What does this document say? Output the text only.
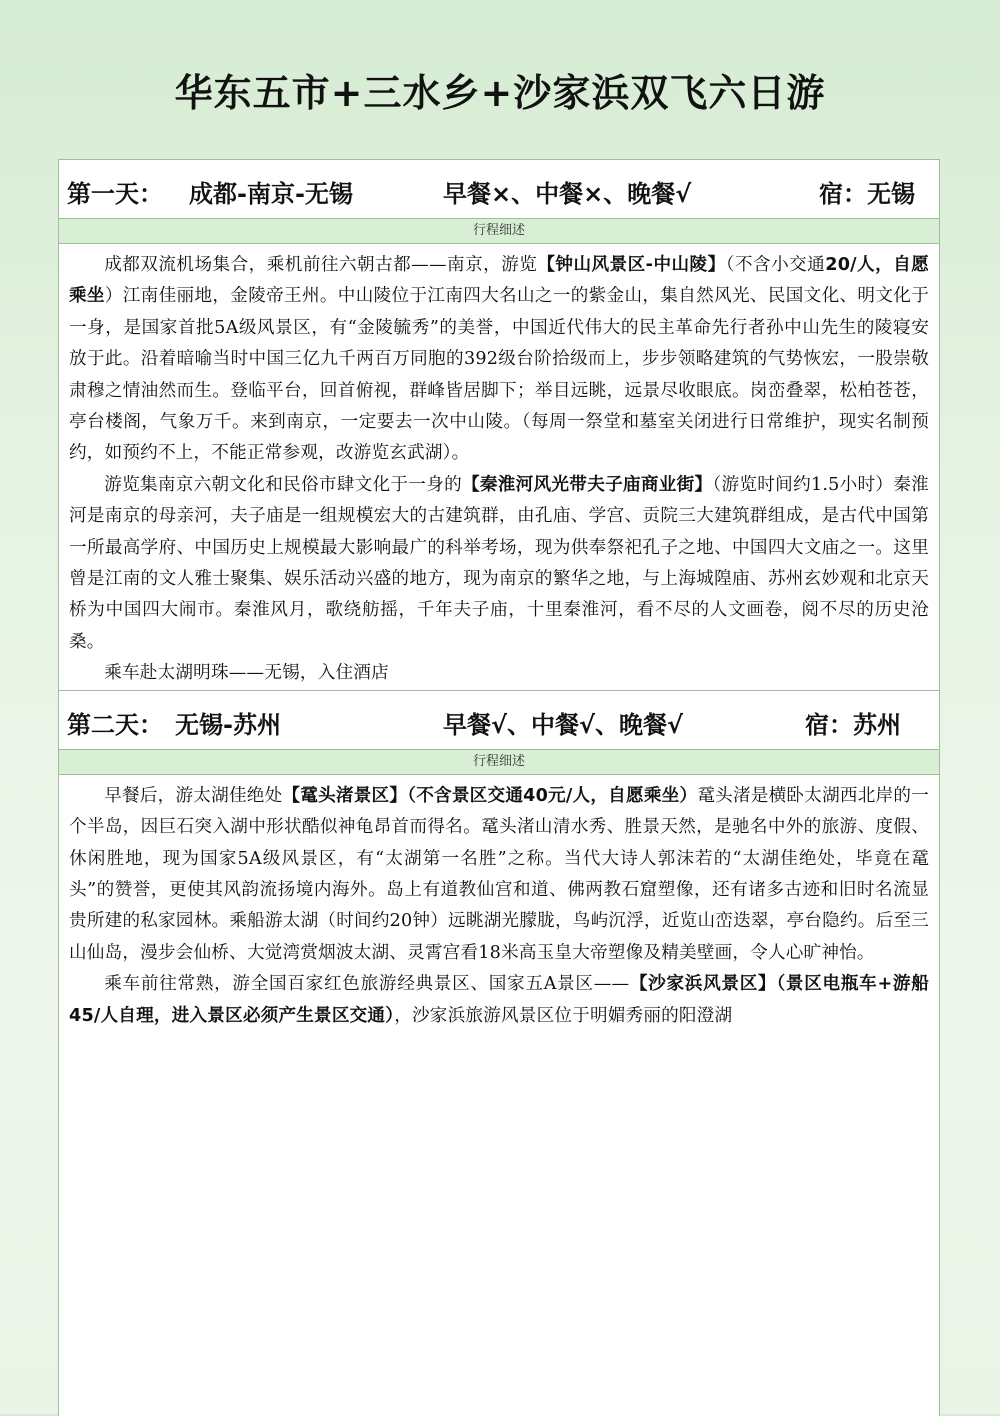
华东五市+三水乡+沙家浜双飞六日游
第一天： 成都-南京-无锡	早餐×、中餐×、晚餐√	宿：无锡
行程细述

成都双流机场集合，乘机前往六朝古都——南京，游览【钟山风景区-中山陵】（不含小交通20/人，自愿乘坐）江南佳丽地，金陵帝王州。中山陵位于江南四大名山之一的紫金山，集自然风光、民国文化、明文化于一身，是国家首批5A级风景区，有“金陵毓秀”的美誉，中国近代伟大的民主革命先行者孙中山先生的陵寝安放于此。沿着暗喻当时中国三亿九千两百万同胞的392级台阶拾级而上，步步领略建筑的气势恢宏，一股崇敬肃穆之情油然而生。登临平台，回首俯视，群峰皆居脚下；举目远眺，远景尽收眼底。岗峦叠翠，松柏苍苍，亭台楼阁，气象万千。来到南京，一定要去一次中山陵。（每周一祭堂和墓室关闭进行日常维护，现实名制预约，如预约不上，不能正常参观，改游览玄武湖）。

游览集南京六朝文化和民俗市肆文化于一身的【秦淮河风光带夫子庙商业街】（游览时间约1.5小时）秦淮河是南京的母亲河，夫子庙是一组规模宏大的古建筑群，由孔庙、学宫、贡院三大建筑群组成，是古代中国第一所最高学府、中国历史上规模最大影响最广的科举考场，现为供奉祭祀孔子之地、中国四大文庙之一。这里曾是江南的文人雅士聚集、娱乐活动兴盛的地方，现为南京的繁华之地，与上海城隍庙、苏州玄妙观和北京天桥为中国四大闹市。秦淮风月，歌绕舫摇，千年夫子庙，十里秦淮河，看不尽的人文画卷，阅不尽的历史沧桑。

乘车赴太湖明珠——无锡，入住酒店

第二天： 无锡-苏州	早餐√、中餐√、晚餐√	宿：苏州
行程细述

早餐后，游太湖佳绝处【鼋头渚景区】（不含景区交通40元/人，自愿乘坐）鼋头渚是横卧太湖西北岸的一个半岛，因巨石突入湖中形状酷似神龟昂首而得名。鼋头渚山清水秀、胜景天然，是驰名中外的旅游、度假、休闲胜地，现为国家5A级风景区，有“太湖第一名胜”之称。当代大诗人郭沫若的“太湖佳绝处，毕竟在鼋头”的赞誉，更使其风韵流扬境内海外。岛上有道教仙宫和道、佛两教石窟塑像，还有诸多古迹和旧时名流显贵所建的私家园林。乘船游太湖（时间约20钟）远眺湖光朦胧，鸟屿沉浮，近览山峦迭翠，亭台隐约。后至三山仙岛，漫步会仙桥、大觉湾赏烟波太湖、灵霄宫看18米高玉皇大帝塑像及精美壁画，令人心旷神怡。

乘车前往常熟，游全国百家红色旅游经典景区、国家五A景区——【沙家浜风景区】（景区电瓶车+游船45/人自理，进入景区必须产生景区交通），沙家浜旅游风景区位于明媚秀丽的阳澄湖
